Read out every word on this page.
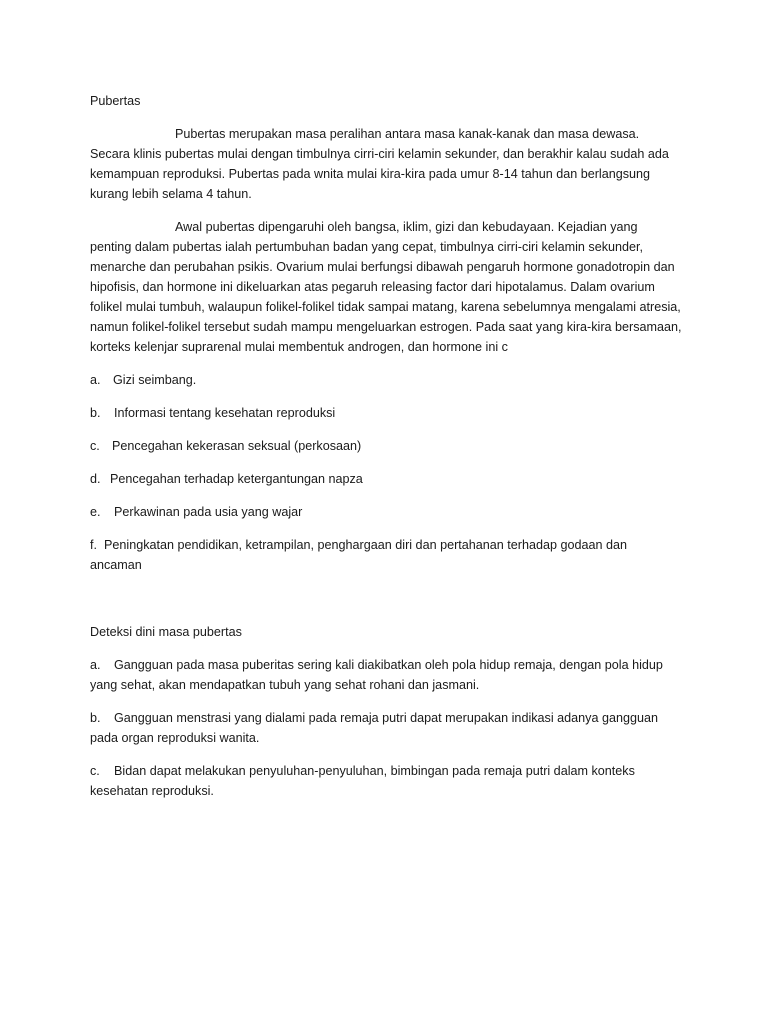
Pubertas

Pubertas merupakan masa peralihan antara masa kanak-kanak dan masa dewasa. Secara klinis pubertas mulai dengan timbulnya cirri-ciri kelamin sekunder, dan berakhir kalau sudah ada kemampuan reproduksi. Pubertas pada wnita mulai kira-kira pada umur 8-14 tahun dan berlangsung kurang lebih selama 4 tahun.

Awal pubertas dipengaruhi oleh bangsa, iklim, gizi dan kebudayaan. Kejadian yang penting dalam pubertas ialah pertumbuhan badan yang cepat, timbulnya cirri-ciri kelamin sekunder, menarche dan perubahan psikis. Ovarium mulai berfungsi dibawah pengaruh hormone gonadotropin dan hipofisis, dan hormone ini dikeluarkan atas pegaruh releasing factor dari hipotalamus. Dalam ovarium folikel mulai tumbuh, walaupun folikel-folikel tidak sampai matang, karena sebelumnya mengalami atresia, namun folikel-folikel tersebut sudah mampu mengeluarkan estrogen. Pada saat yang kira-kira bersamaan, korteks kelenjar suprarenal mulai membentuk androgen, dan hormone ini c

a. Gizi seimbang.
b. Informasi tentang kesehatan reproduksi
c. Pencegahan kekerasan seksual (perkosaan)
d. Pencegahan terhadap ketergantungan napza
e. Perkawinan pada usia yang wajar
f. Peningkatan pendidikan, ketrampilan, penghargaan diri dan pertahanan terhadap godaan dan ancaman
Deteksi dini masa pubertas
a. Gangguan pada masa puberitas sering kali diakibatkan oleh pola hidup remaja, dengan pola hidup yang sehat, akan mendapatkan tubuh yang sehat rohani dan jasmani.
b. Gangguan menstrasi yang dialami pada remaja putri dapat merupakan indikasi adanya gangguan pada organ reproduksi wanita.
c. Bidan dapat melakukan penyuluhan-penyuluhan, bimbingan pada remaja putri dalam konteks kesehatan reproduksi.
